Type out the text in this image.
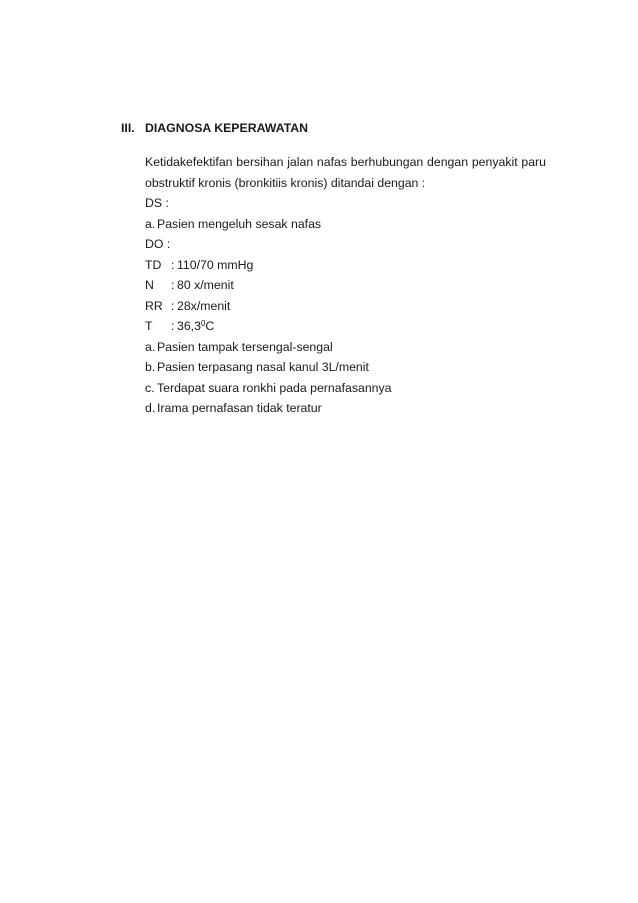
III. DIAGNOSA KEPERAWATAN

Ketidakefektifan bersihan jalan nafas berhubungan dengan penyakit paru obstruktif kronis (bronkitiis kronis) ditandai dengan :

DS :
a. Pasien mengeluh sesak nafas
DO :
TD : 110/70 mmHg
N : 80 x/menit
RR : 28x/menit
T : 36,3$^0$C
a. Pasien tampak tersengal-sengal
b. Pasien terpasang nasal kanul 3L/menit
c. Terdapat suara ronkhi pada pernafasannya
d. Irama pernafasan tidak teratur
